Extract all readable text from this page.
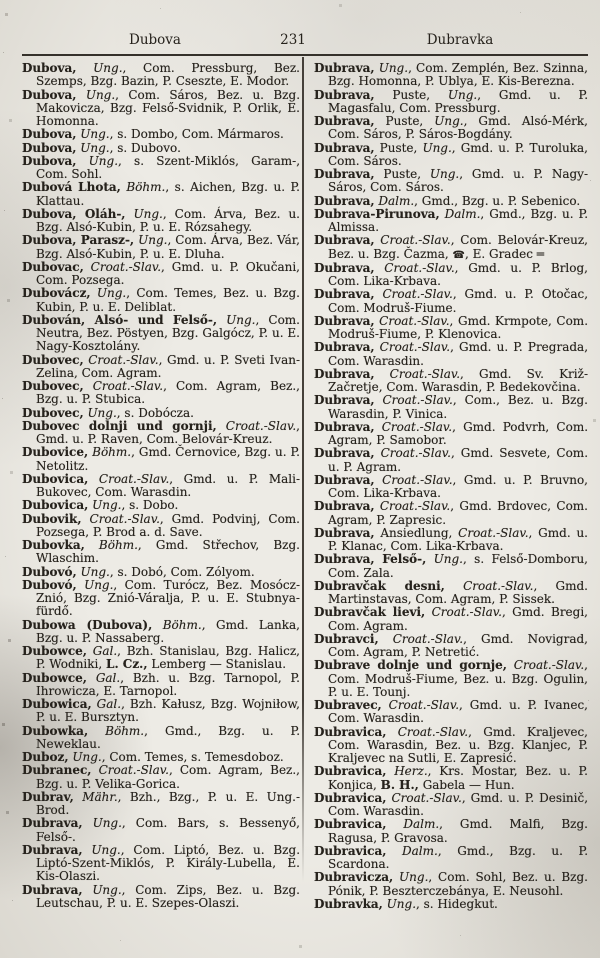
Dubova	231	Dubravka

Dubova, Ung., Com. Pressburg, Bez. Szemps, Bzg. Bazin, P. Cseszte, E. Modor.

Dubova, Ung., Com. Sáros, Bez. u. Bzg. Makovicza, Bzg. Felső-Svidnik, P. Orlik, E. Homonna.

Dubova, Ung., s. Dombo, Com. Mármaros.

Dubova, Ung., s. Dubovo.

Dubova, Ung., s. Szent-Miklós, Garam-, Com. Sohl.

Dubová Lhota, Böhm., s. Aichen, Bzg. u. P. Klattau.

Dubova, Oláh-, Ung., Com. Árva, Bez. u. Bzg. Alsó-Kubin, P. u. E. Rózsahegy.

Dubova, Parasz-, Ung., Com. Árva, Bez. Vár, Bzg. Alsó-Kubin, P. u. E. Dluha.

Dubovac, Croat.-Slav., Gmd. u. P. Okučani, Com. Pozsega.

Dubovácz, Ung., Com. Temes, Bez. u. Bzg. Kubin, P. u. E. Deliblat.

Dubován, Alsó- und Felső-, Ung., Com. Neutra, Bez. Pöstyen, Bzg. Galgócz, P. u. E. Nagy-Kosztolány.

Dubovec, Croat.-Slav., Gmd. u. P. Sveti Ivan-Zelina, Com. Agram.

Dubovec, Croat.-Slav., Com. Agram, Bez., Bzg. u. P. Stubica.

Dubovec, Ung., s. Dobócza.

Dubovec dolnji und gornji, Croat.-Slav., Gmd. u. P. Raven, Com. Belovár-Kreuz.

Dubovice, Böhm., Gmd. Černovice, Bzg. u. P. Netolitz.

Dubovica, Croat.-Slav., Gmd. u. P. Mali-Bukovec, Com. Warasdin.

Dubovica, Ung., s. Dobo.

Dubovik, Croat.-Slav., Gmd. Podvinj, Com. Pozsega, P. Brod a. d. Save.

Dubovka, Böhm., Gmd. Střechov, Bzg. Wlaschim.

Dubovó, Ung., s. Dobó, Com. Zólyom.

Dubovó, Ung., Com. Turócz, Bez. Mosócz-Znió, Bzg. Znió-Váralja, P. u. E. Stubnya-fürdő.

Dubowa (Dubova), Böhm., Gmd. Lanka, Bzg. u. P. Nassaberg.

Dubowce, Gal., Bzh. Stanislau, Bzg. Halicz, P. Wodniki, L. Cz., Lemberg — Stanislau.

Dubowce, Gal., Bzh. u. Bzg. Tarnopol, P. Ihrowicza, E. Tarnopol.

Dubowica, Gal., Bzh. Kałusz, Bzg. Wojniłow, P. u. E. Bursztyn.

Dubowka, Böhm., Gmd., Bzg. u. P. Neweklau.

Duboz, Ung., Com. Temes, s. Temesdoboz.

Dubranec, Croat.-Slav., Com. Agram, Bez., Bzg. u. P. Velika-Gorica.

Dubrav, Mähr., Bzh., Bzg., P. u. E. Ung.-Brod.

Dubrava, Ung., Com. Bars, s. Bessenyő, Felső-.

Dubrava, Ung., Com. Liptó, Bez. u. Bzg. Liptó-Szent-Miklós, P. Király-Lubella, E. Kis-Olaszi.

Dubrava, Ung., Com. Zips, Bez. u. Bzg. Leutschau, P. u. E. Szepes-Olaszi.

Dubrava, Ung., Com. Zemplén, Bez. Szinna, Bzg. Homonna, P. Ublya, E. Kis-Berezna.

Dubrava, Puste, Ung., Gmd. u. P. Magasfalu, Com. Pressburg.

Dubrava, Puste, Ung., Gmd. Alsó-Mérk, Com. Sáros, P. Sáros-Bogdány.

Dubrava, Puste, Ung., Gmd. u. P. Turoluka, Com. Sáros.

Dubrava, Puste, Ung., Gmd. u. P. Nagy-Sáros, Com. Sáros.

Dubrava, Dalm., Gmd., Bzg. u. P. Sebenico.

Dubrava-Pirunova, Dalm., Gmd., Bzg. u. P. Almissa.

Dubrava, Croat.-Slav., Com. Belovár-Kreuz, Bez. u. Bzg. Čazma, ☎, E. Gradec ═

Dubrava, Croat.-Slav., Gmd. u. P. Brlog, Com. Lika-Krbava.

Dubrava, Croat.-Slav., Gmd. u. P. Otočac, Com. Modruš-Fiume.

Dubrava, Croat.-Slav., Gmd. Krmpote, Com. Modruš-Fiume, P. Klenovica.

Dubrava, Croat.-Slav., Gmd. u. P. Pregrada, Com. Warasdin.

Dubrava, Croat.-Slav., Gmd. Sv. Križ-Začretje, Com. Warasdin, P. Bedekovčina.

Dubrava, Croat.-Slav., Com., Bez. u. Bzg. Warasdin, P. Vinica.

Dubrava, Croat.-Slav., Gmd. Podvrh, Com. Agram, P. Samobor.

Dubrava, Croat.-Slav., Gmd. Sesvete, Com. u. P. Agram.

Dubrava, Croat.-Slav., Gmd. u. P. Bruvno, Com. Lika-Krbava.

Dubrava, Croat.-Slav., Gmd. Brdovec, Com. Agram, P. Zapresic.

Dubrava, Ansiedlung, Croat.-Slav., Gmd. u. P. Klanac, Com. Lika-Krbava.

Dubrava, Felső-, Ung., s. Felső-Domboru, Com. Zala.

Dubravčak desni, Croat.-Slav., Gmd. Martinstavas, Com. Agram, P. Sissek.

Dubravčak lievi, Croat.-Slav., Gmd. Bregi, Com. Agram.

Dubravci, Croat.-Slav., Gmd. Novigrad, Com. Agram, P. Netretić.

Dubrave dolnje und gornje, Croat.-Slav., Com. Modruš-Fiume, Bez. u. Bzg. Ogulin, P. u. E. Tounj.

Dubravec, Croat.-Slav., Gmd. u. P. Ivanec, Com. Warasdin.

Dubravica, Croat.-Slav., Gmd. Kraljevec, Com. Warasdin, Bez. u. Bzg. Klanjec, P. Kraljevec na Sutli, E. Zapresić.

Dubravica, Herz., Krs. Mostar, Bez. u. P. Konjica, B. H., Gabela — Hun.

Dubravica, Croat.-Slav., Gmd. u. P. Desinič, Com. Warasdin.

Dubravica, Dalm., Gmd. Malfi, Bzg. Ragusa, P. Gravosa.

Dubravica, Dalm., Gmd., Bzg. u. P. Scardona.

Dubravicza, Ung., Com. Sohl, Bez. u. Bzg. Pónik, P. Beszterczebánya, E. Neusohl.

Dubravka, Ung., s. Hidegkut.
